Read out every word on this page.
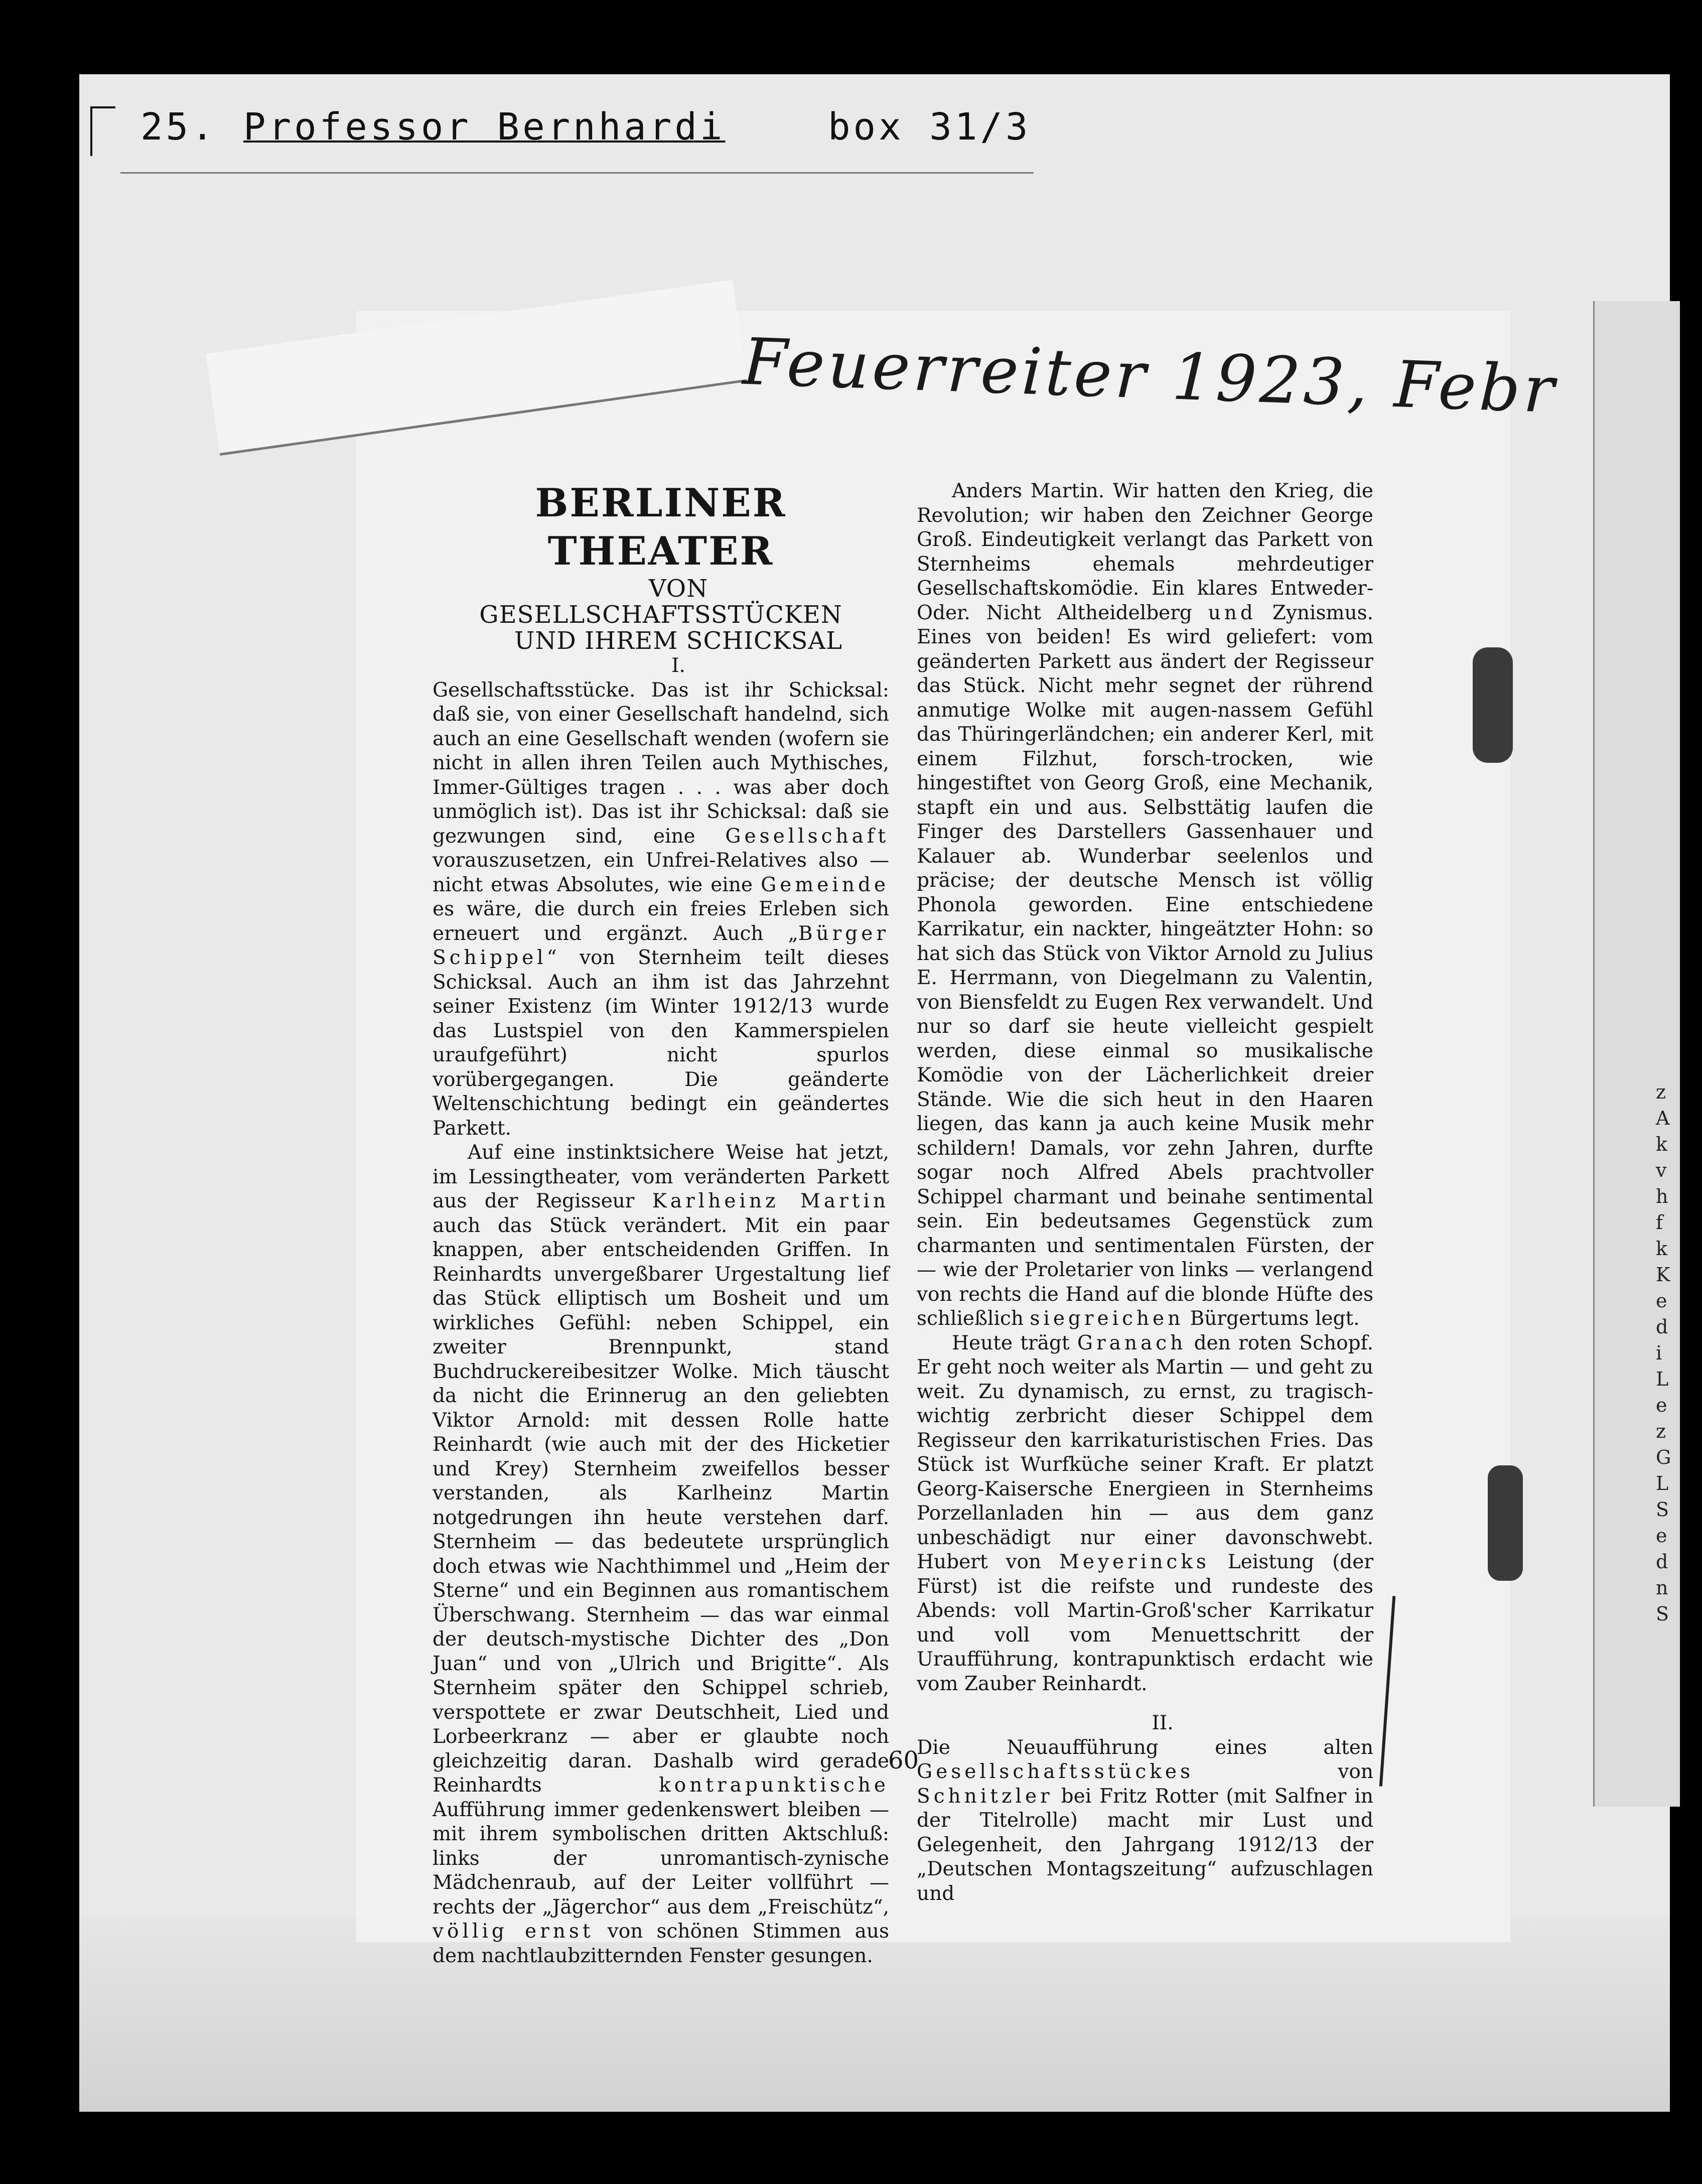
z
A
k
v
h
f
k
K
e
d
i
L
e
z
G
L
S
e
d
n
S
25. Professor Bernhardi	box 31/3
Feuerreiter 1923, Febr
BERLINER THEATER

VON GESELLSCHAFTSSTÜCKEN

UND IHREM SCHICKSAL

I.

Gesellschaftsstücke. Das ist ihr Schicksal: daß sie, von einer Gesellschaft handelnd, sich auch an eine Gesellschaft wenden (wofern sie nicht in allen ihren Teilen auch Mythisches, Immer-Gültiges tragen . . . was aber doch unmöglich ist). Das ist ihr Schicksal: daß sie gezwungen sind, eine Gesellschaft vorauszusetzen, ein Unfrei-Relatives also — nicht etwas Absolutes, wie eine Gemeinde es wäre, die durch ein freies Erleben sich erneuert und ergänzt. Auch „Bürger Schippel“ von Sternheim teilt dieses Schicksal. Auch an ihm ist das Jahrzehnt seiner Existenz (im Winter 1912/13 wurde das Lustspiel von den Kammerspielen uraufgeführt) nicht spurlos vorübergegangen. Die geänderte Weltenschichtung bedingt ein geändertes Parkett.

Auf eine instinktsichere Weise hat jetzt, im Lessingtheater, vom veränderten Parkett aus der Regisseur Karlheinz Martin auch das Stück verändert. Mit ein paar knappen, aber entscheidenden Griffen. In Reinhardts unvergeßbarer Urgestaltung lief das Stück elliptisch um Bosheit und um wirkliches Gefühl: neben Schippel, ein zweiter Brennpunkt, stand Buchdruckereibesitzer Wolke. Mich täuscht da nicht die Erinnerug an den geliebten Viktor Arnold: mit dessen Rolle hatte Reinhardt (wie auch mit der des Hicketier und Krey) Sternheim zweifellos besser verstanden, als Karlheinz Martin notgedrungen ihn heute verstehen darf. Sternheim — das bedeutete ursprünglich doch etwas wie Nachthimmel und „Heim der Sterne“ und ein Beginnen aus romantischem Überschwang. Sternheim — das war einmal der deutsch-mystische Dichter des „Don Juan“ und von „Ulrich und Brigitte“. Als Sternheim später den Schippel schrieb, verspottete er zwar Deutschheit, Lied und Lorbeerkranz — aber er glaubte noch gleichzeitig daran. Dashalb wird gerade Reinhardts kontrapunktische Aufführung immer gedenkenswert bleiben — mit ihrem symbolischen dritten Aktschluß: links der unromantisch-zynische Mädchenraub, auf der Leiter vollführt — rechts der „Jägerchor“ aus dem „Freischütz“, völlig ernst von schönen Stimmen aus dem nachtlaubzitternden Fenster gesungen.

Anders Martin. Wir hatten den Krieg, die Revolution; wir haben den Zeichner George Groß. Eindeutigkeit verlangt das Parkett von Sternheims ehemals mehrdeutiger Gesellschaftskomödie. Ein klares Entweder-Oder. Nicht Altheidelberg und Zynismus. Eines von beiden! Es wird geliefert: vom geänderten Parkett aus ändert der Regisseur das Stück. Nicht mehr segnet der rührend anmutige Wolke mit augen-nassem Gefühl das Thüringerländchen; ein anderer Kerl, mit einem Filzhut, forsch-trocken, wie hingestiftet von Georg Groß, eine Mechanik, stapft ein und aus. Selbsttätig laufen die Finger des Darstellers Gassenhauer und Kalauer ab. Wunderbar seelenlos und präcise; der deutsche Mensch ist völlig Phonola geworden. Eine entschiedene Karrikatur, ein nackter, hingeätzter Hohn: so hat sich das Stück von Viktor Arnold zu Julius E. Herrmann, von Diegelmann zu Valentin, von Biensfeldt zu Eugen Rex verwandelt. Und nur so darf sie heute vielleicht gespielt werden, diese einmal so musikalische Komödie von der Lächerlichkeit dreier Stände. Wie die sich heut in den Haaren liegen, das kann ja auch keine Musik mehr schildern! Damals, vor zehn Jahren, durfte sogar noch Alfred Abels prachtvoller Schippel charmant und beinahe sentimental sein. Ein bedeutsames Gegenstück zum charmanten und sentimentalen Fürsten, der — wie der Proletarier von links — verlangend von rechts die Hand auf die blonde Hüfte des schließlich siegreichen Bürgertums legt.

Heute trägt Granach den roten Schopf. Er geht noch weiter als Martin — und geht zu weit. Zu dynamisch, zu ernst, zu tragisch-wichtig zerbricht dieser Schippel dem Regisseur den karrikaturistischen Fries. Das Stück ist Wurfküche seiner Kraft. Er platzt Georg-Kaisersche Energieen in Sternheims Porzellanladen hin — aus dem ganz unbeschädigt nur einer davonschwebt. Hubert von Meyerincks Leistung (der Fürst) ist die reifste und rundeste des Abends: voll Martin-Groß'scher Karrikatur und voll vom Menuettschritt der Uraufführung, kontrapunktisch erdacht wie vom Zauber Reinhardt.

II.

Die Neuaufführung eines alten Gesellschaftsstückes von Schnitzler bei Fritz Rotter (mit Salfner in der Titelrolle) macht mir Lust und Gelegenheit, den Jahrgang 1912/13 der „Deutschen Montagszeitung“ aufzuschlagen und

60
